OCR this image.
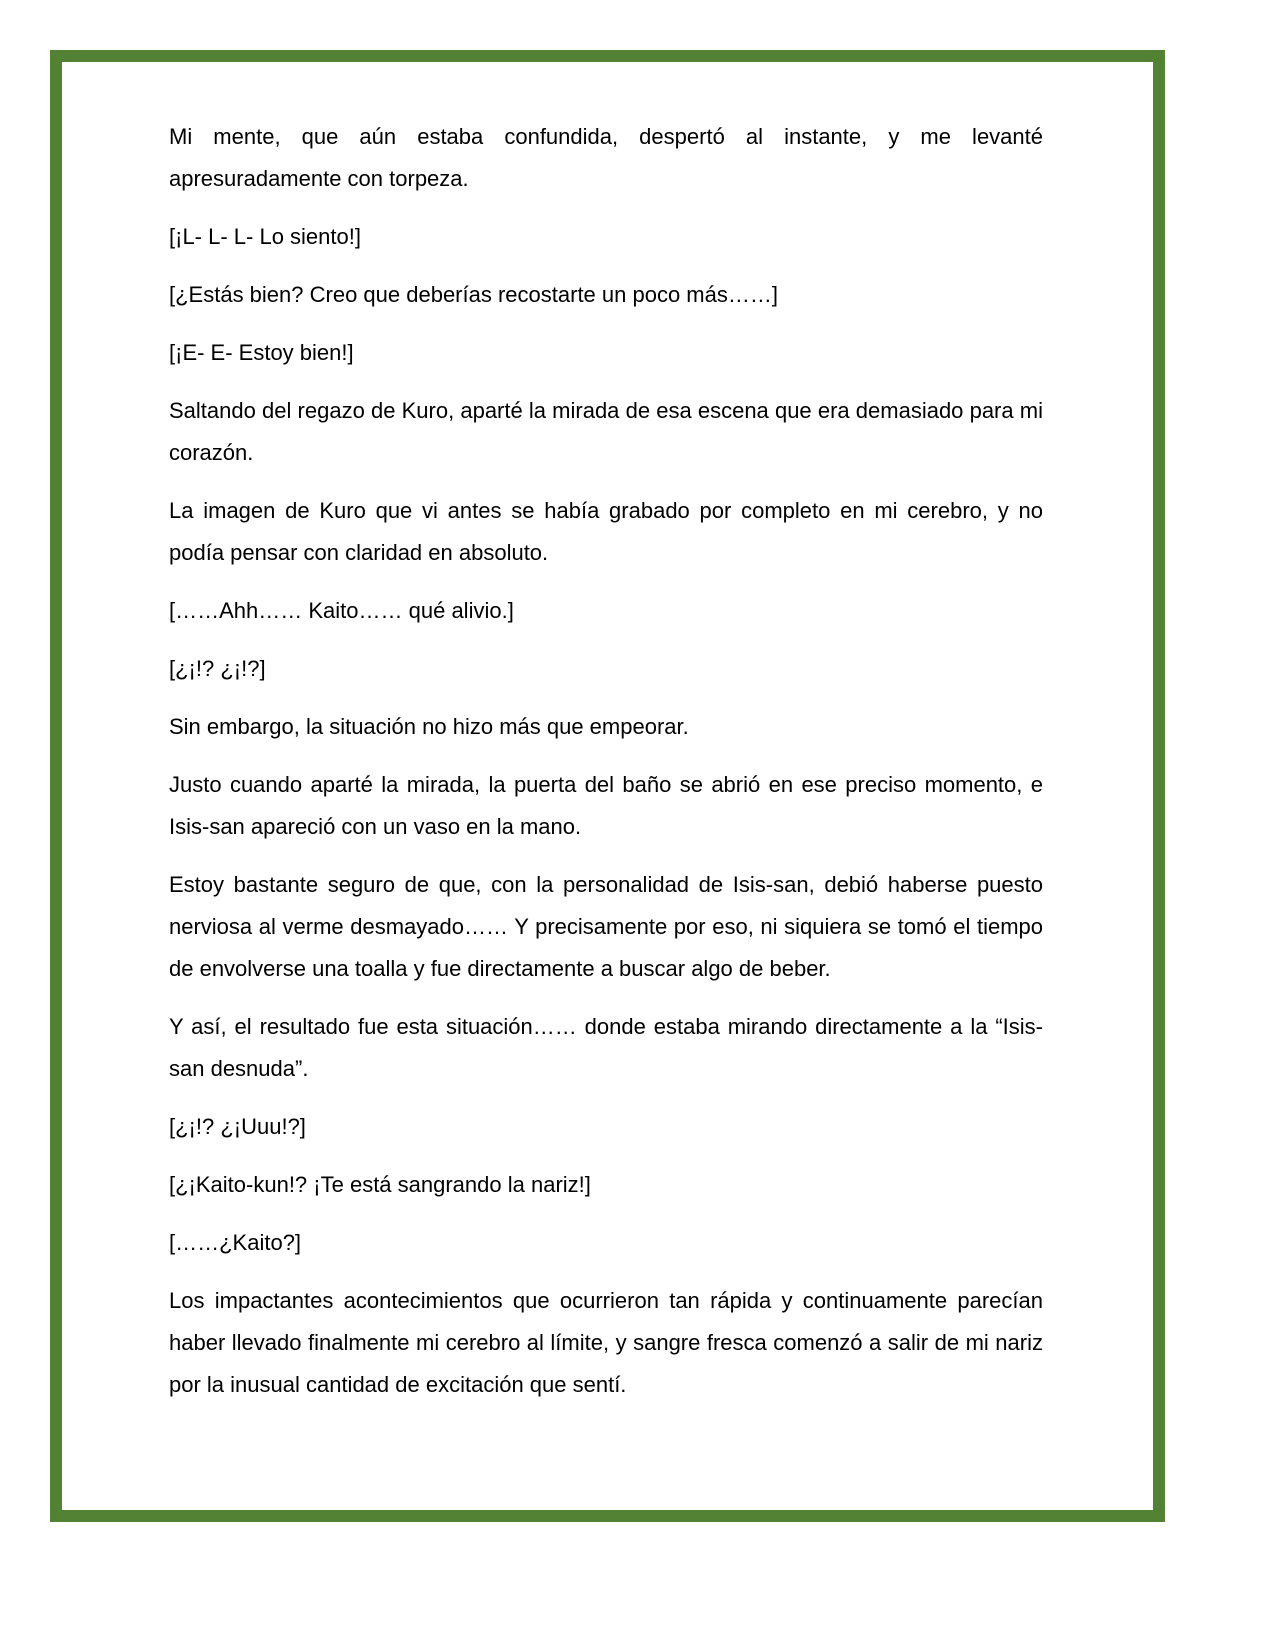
Mi mente, que aún estaba confundida, despertó al instante, y me levanté apresuradamente con torpeza.

[¡L- L- L- Lo siento!]

[¿Estás bien? Creo que deberías recostarte un poco más……]

[¡E- E- Estoy bien!]

Saltando del regazo de Kuro, aparté la mirada de esa escena que era demasiado para mi corazón.

La imagen de Kuro que vi antes se había grabado por completo en mi cerebro, y no podía pensar con claridad en absoluto.

[……Ahh…… Kaito…… qué alivio.]

[¿¡!? ¿¡!?]

Sin embargo, la situación no hizo más que empeorar.

Justo cuando aparté la mirada, la puerta del baño se abrió en ese preciso momento, e Isis-san apareció con un vaso en la mano.

Estoy bastante seguro de que, con la personalidad de Isis-san, debió haberse puesto nerviosa al verme desmayado…… Y precisamente por eso, ni siquiera se tomó el tiempo de envolverse una toalla y fue directamente a buscar algo de beber.

Y así, el resultado fue esta situación…… donde estaba mirando directamente a la “Isis-san desnuda”.

[¿¡!? ¿¡Uuu!?]

[¿¡Kaito-kun!? ¡Te está sangrando la nariz!]

[……¿Kaito?]

Los impactantes acontecimientos que ocurrieron tan rápida y continuamente parecían haber llevado finalmente mi cerebro al límite, y sangre fresca comenzó a salir de mi nariz por la inusual cantidad de excitación que sentí.
